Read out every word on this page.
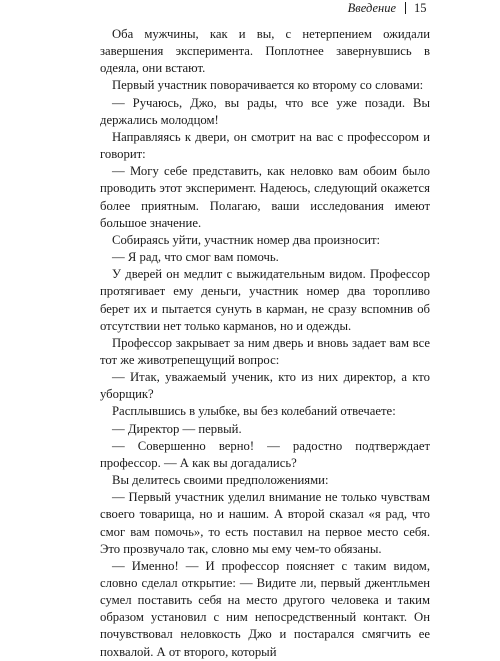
Введение 15

Оба мужчины, как и вы, с нетерпением ожидали завершения эксперимента. Поплотнее завернувшись в одеяла, они встают.

Первый участник поворачивается ко второму со словами:

— Ручаюсь, Джо, вы рады, что все уже позади. Вы держались молодцом!

Направляясь к двери, он смотрит на вас с профессором и говорит:

— Могу себе представить, как неловко вам обоим было проводить этот эксперимент. Надеюсь, следующий окажется более приятным. Полагаю, ваши исследования имеют большое значение.

Собираясь уйти, участник номер два произносит:

— Я рад, что смог вам помочь.

У дверей он медлит с выжидательным видом. Профессор протягивает ему деньги, участник номер два торопливо берет их и пытается сунуть в карман, не сразу вспомнив об отсутствии нет только карманов, но и одежды.

Профессор закрывает за ним дверь и вновь задает вам все тот же животрепещущий вопрос:

— Итак, уважаемый ученик, кто из них директор, а кто уборщик?

Расплывшись в улыбке, вы без колебаний отвечаете:

— Директор — первый.

— Совершенно верно! — радостно подтверждает профессор. — А как вы догадались?

Вы делитесь своими предположениями:

— Первый участник уделил внимание не только чувствам своего товарища, но и нашим. А второй сказал «я рад, что смог вам помочь», то есть поставил на первое место себя. Это прозвучало так, словно мы ему чем-то обязаны.

— Именно! — И профессор поясняет с таким видом, словно сделал открытие: — Видите ли, первый джентльмен сумел поставить себя на место другого человека и таким образом установил с ним непосредственный контакт. Он почувствовал неловкость Джо и постарался смягчить ее похвалой. А от второго, который
